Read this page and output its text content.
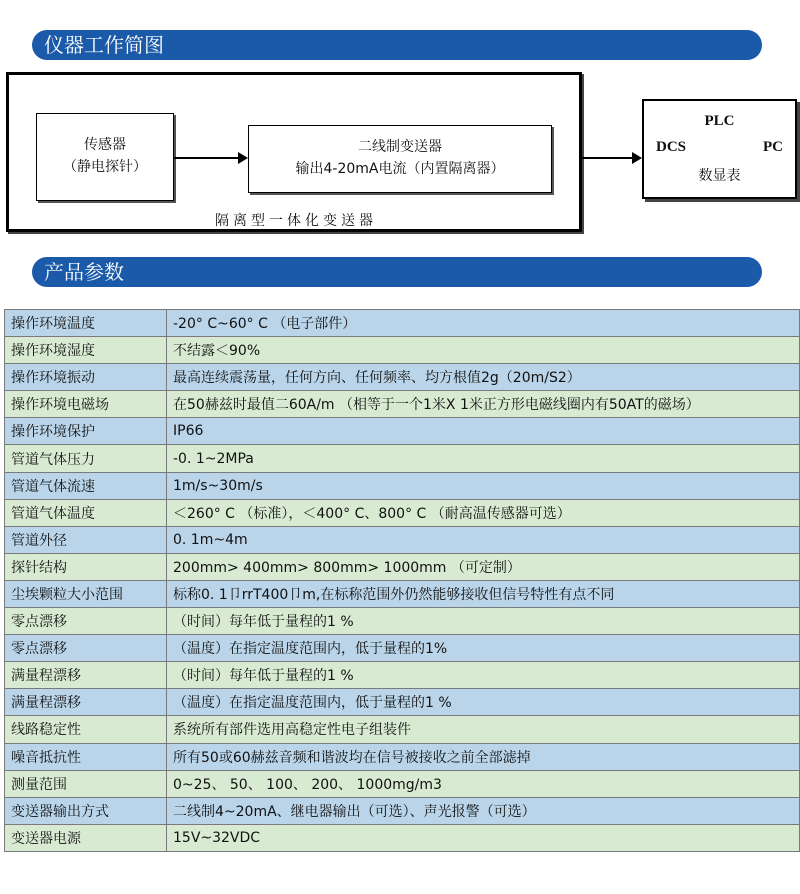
仪器工作简图
传感器
（静电探针）
二线制变送器
输出4-20mA电流（内置隔离器）
隔离型一体化变送器
PLC
DCS	PC
数显表
产品参数
操作环境温度	-20° C~60° C （电子部件）
操作环境湿度	不结露＜90%
操作环境振动	最高连续震荡量，任何方向、任何频率、均方根值2g（20m/S2）
操作环境电磁场	在50赫兹时最值二60A/m （相等于一个1米X 1米正方形电磁线圈内有50AT的磁场）
操作环境保护	IP66
管道气体压力	-0. 1~2MPa
管道气体流速	1m/s~30m/s
管道气体温度	＜260° C （标准），＜400° C、800° C （耐高温传感器可选）
管道外径	0. 1m~4m
探针结构	200mm> 400mm> 800mm> 1000mm （可定制）
尘埃颗粒大小范围	标称0. 1卩rrT400卩m,在标称范围外仍然能够接收但信号特性有点不同
零点漂移	（时间）每年低于量程的1 %
零点漂移	（温度）在指定温度范围内，低于量程的1%
满量程漂移	（时间）每年低于量程的1 %
满量程漂移	（温度）在指定温度范围内，低于量程的1 %
线路稳定性	系统所有部件选用高稳定性电子组装件
噪音抵抗性	所有50或60赫兹音频和谐波均在信号被接收之前全部滤掉
测量范围	0~25、 50、 100、 200、 1000mg/m3
变送器输出方式	二线制4~20mA、继电器输出（可选）、声光报警（可选）
变送器电源	15V~32VDC
